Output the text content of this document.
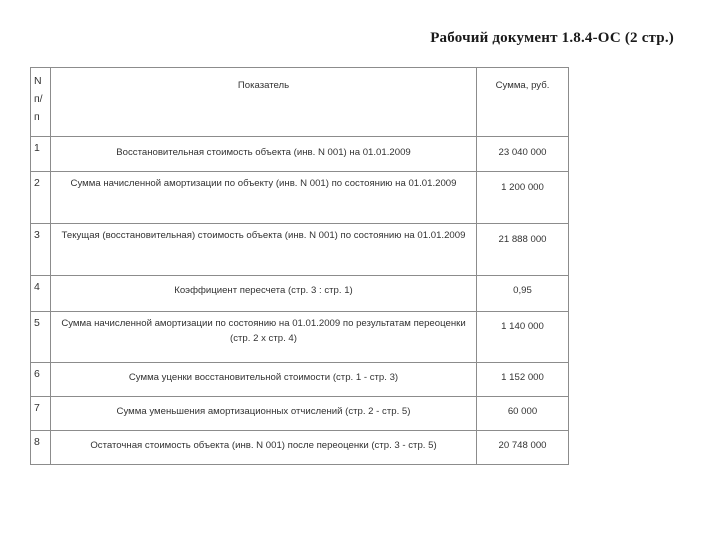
Рабочий документ 1.8.4-ОС (2 стр.)
N
п/
п	Показатель	Сумма, руб.
1	Восстановительная стоимость объекта (инв. N 001) на 01.01.2009	23 040 000
2	Сумма начисленной амортизации по объекту (инв. N 001) по состоянию на 01.01.2009	1 200 000
3	Текущая (восстановительная) стоимость объекта (инв. N 001) по состоянию на 01.01.2009	21 888 000
4	Коэффициент пересчета (стр. 3 : стр. 1)	0,95
5	Сумма начисленной амортизации по состоянию на 01.01.2009 по результатам переоценки (стр. 2 х стр. 4)	1 140 000
6	Сумма уценки восстановительной стоимости (стр. 1 - стр. 3)	1 152 000
7	Сумма уменьшения амортизационных отчислений (стр. 2 - стр. 5)	60 000
8	Остаточная стоимость объекта (инв. N 001) после переоценки (стр. 3 - стр. 5)	20 748 000
